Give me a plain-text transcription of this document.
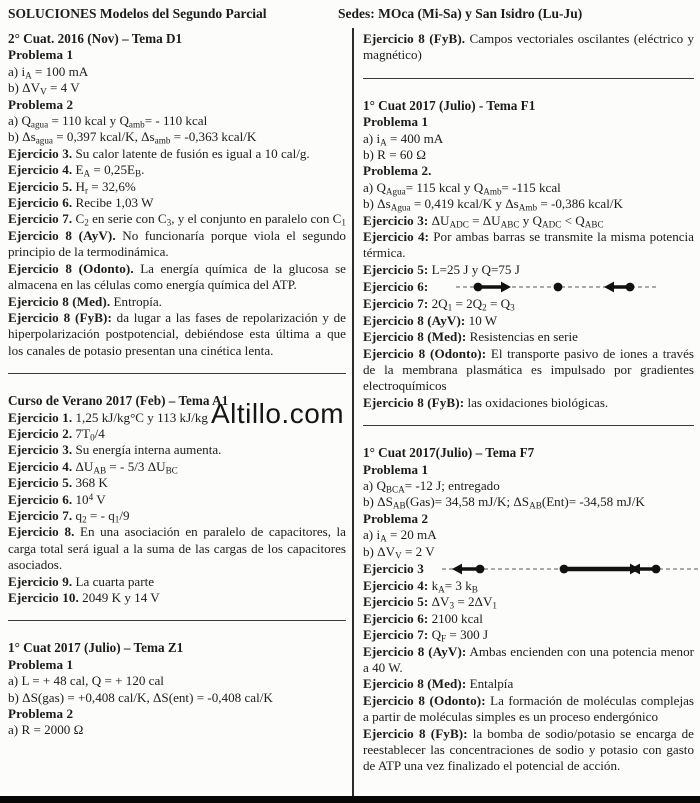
SOLUCIONES Modelos del Segundo Parcial	Sedes: MOca (Mi-Sa) y San Isidro (Lu-Ju)

2° Cuat. 2016 (Nov) – Tema D1

Problema 1

a) $i_A = 100$ mA

b) $\Delta V_V = 4$ V

Problema 2

a) $Q_{agua} = 110$ kcal y $Q_{amb}= - 110$ kcal

b) $\Delta s_{agua} = 0,397$ kcal/K, $\Delta s_{amb} = -0,363$ kcal/K

Ejercicio 3. Su calor latente de fusión es igual a 10 cal/g.

Ejercicio 4. $E_A = 0,25E_B$.

Ejercicio 5. $H_r = 32,6\%$

Ejercicio 6. Recibe 1,03 W

Ejercicio 7. $C_2$ en serie con $C_3$, y el conjunto en paralelo con $C_1$

Ejercicio 8 (AyV). No funcionaría porque viola el segundo principio de la termodinámica.

Ejercicio 8 (Odonto). La energía química de la glucosa se almacena en las células como energía química del ATP.

Ejercicio 8 (Med). Entropía.

Ejercicio 8 (FyB): da lugar a las fases de repolarización y de hiperpolarización postpotencial, debiéndose esta última a que los canales de potasio presentan una cinética lenta.

Curso de Verano 2017 (Feb) – Tema A1

Ejercicio 1. 1,25 kJ/kg°C y 113 kJ/kg

Ejercicio 2. $7T_0/4$

Ejercicio 3. Su energía interna aumenta.

Ejercicio 4. $\Delta U_{AB}$ = - 5/3 $\Delta U_{BC}$

Ejercicio 5. 368 K

Ejercicio 6. $10^4$ V

Ejercicio 7. $q_2$ = - $q_1/9$

Ejercicio 8. En una asociación en paralelo de capacitores, la carga total será igual a la suma de las cargas de los capacitores asociados.

Ejercicio 9. La cuarta parte

Ejercicio 10. 2049 K y 14 V

1° Cuat 2017 (Julio) – Tema Z1

Problema 1

a) L = + 48 cal, Q = + 120 cal

b) ΔS(gas) = +0,408 cal/K, ΔS(ent) = -0,408 cal/K

Problema 2

a) R = 2000 Ω

Ejercicio 8 (FyB). Campos vectoriales oscilantes (eléctrico y magnético)

1° Cuat 2017 (Julio) - Tema F1

Problema 1

a) $i_A = 400$ mA

b) R = 60 Ω

Problema 2.

a) $Q_{Agua}= 115$ kcal y $Q_{Amb}= -115$ kcal

b) $\Delta s_{Agua} = 0,419$ kcal/K y $\Delta s_{Amb} = -0,386$ kcal/K

Ejercicio 3: $\Delta U_{ADC} = \Delta U_{ABC}$ y $Q_{ADC} < Q_{ABC}$

Ejercicio 4: Por ambas barras se transmite la misma potencia térmica.

Ejercicio 5: L=25 J y Q=75 J

Ejercicio 6:

Ejercicio 7: $2Q_1 = 2Q_2 = Q_3$

Ejercicio 8 (AyV): 10 W

Ejercicio 8 (Med): Resistencias en serie

Ejercicio 8 (Odonto): El transporte pasivo de iones a través de la membrana plasmática es impulsado por gradientes electroquímicos

Ejercicio 8 (FyB): las oxidaciones biológicas.

1° Cuat 2017(Julio) – Tema F7

Problema 1

a) $Q_{BCA}= -12$ J; entregado

b) $\Delta S_{AB}(Gas)= 34,58$ mJ/K; $\Delta S_{AB}(Ent)= -34,58$ mJ/K

Problema 2

a) $i_A = 20$ mA

b) $\Delta V_V = 2$ V

Ejercicio 3

Ejercicio 4: $k_A= 3$ $k_B$

Ejercicio 5: $\Delta V_3 = 2\Delta V_1$

Ejercicio 6: 2100 kcal

Ejercicio 7: $Q_F = 300$ J

Ejercicio 8 (AyV): Ambas encienden con una potencia menor a 40 W.

Ejercicio 8 (Med): Entalpía

Ejercicio 8 (Odonto): La formación de moléculas complejas a partir de moléculas simples es un proceso endergónico

Ejercicio 8 (FyB): la bomba de sodio/potasio se encarga de reestablecer las concentraciones de sodio y potasio con gasto de ATP una vez finalizado el potencial de acción.

Altillo.com
